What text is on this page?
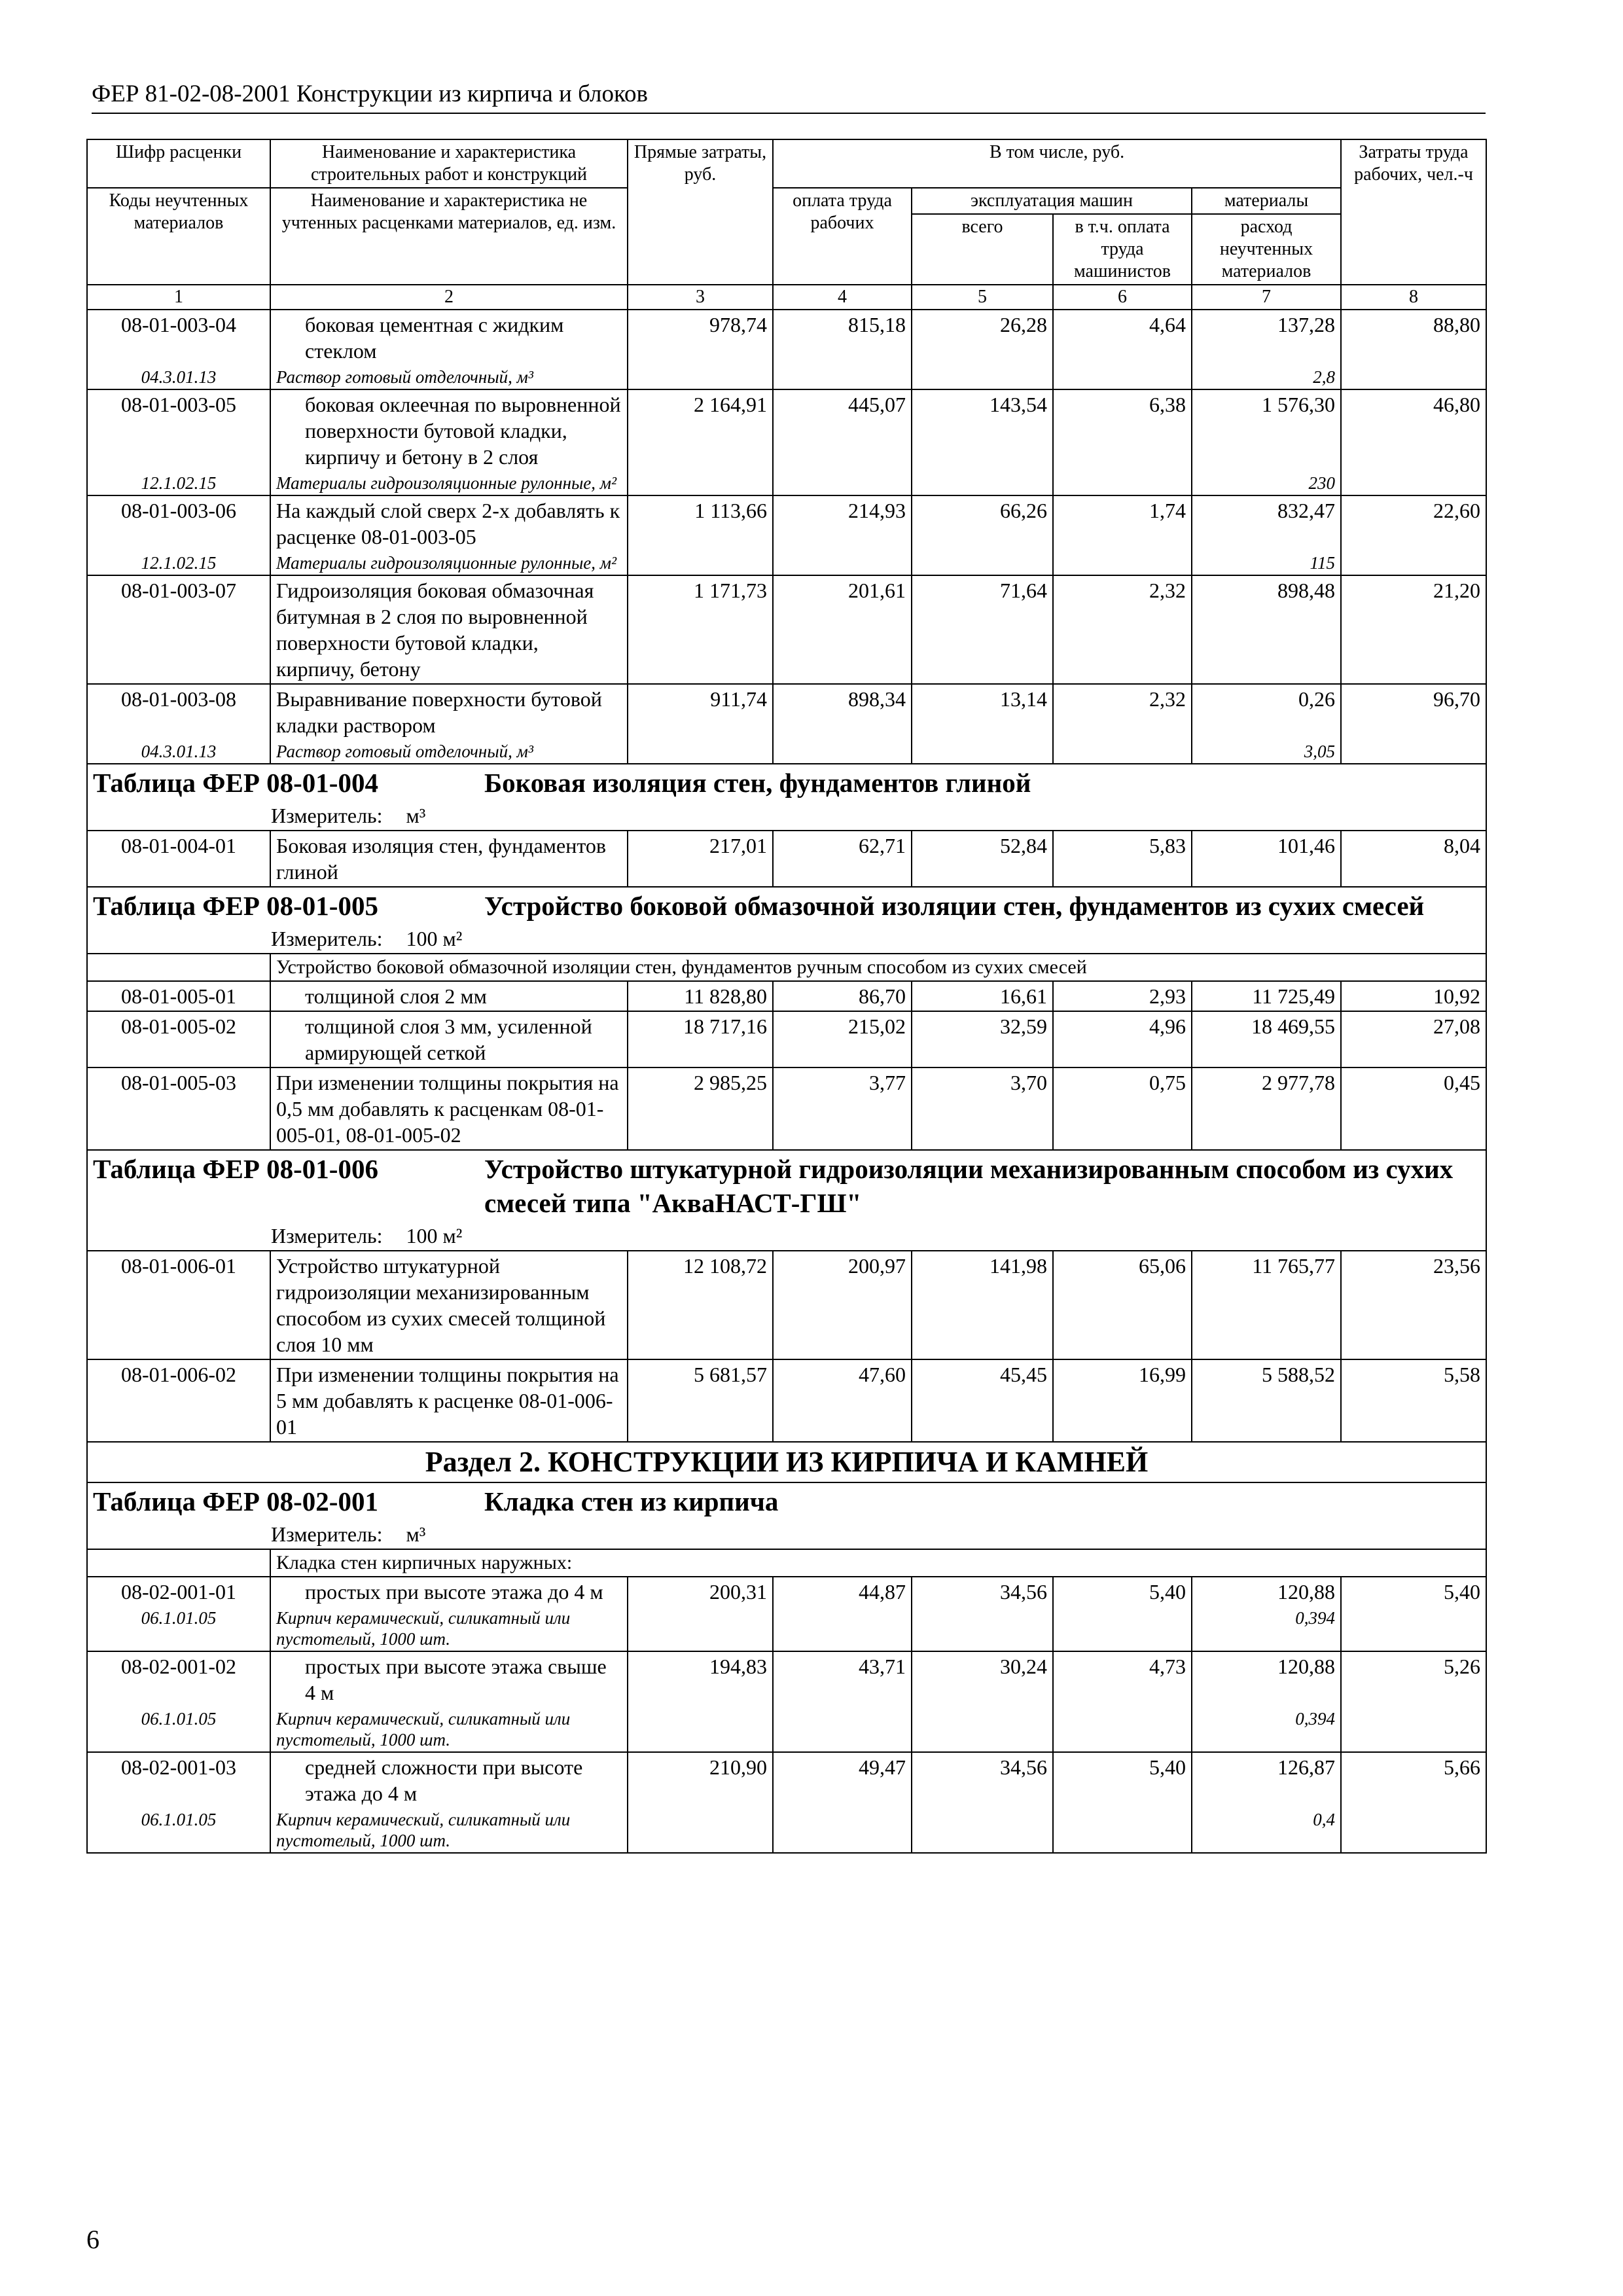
ФЕР 81-02-08-2001 Конструкции из кирпича и блоков
Шифр расценки	Наименование и характеристика строительных работ и конструкций	Прямые затраты, руб.	В том числе, руб.				Затраты труда рабочих, чел.-ч
Коды неучтенных материалов	Наименование и характеристика не учтенных расценками материалов, ед. изм.		оплата труда рабочих	эксплуатация машин		материалы	
				всего	в т.ч. оплата труда машинистов	расход неучтенных материалов	
1	2	3	4	5	6	7	8
08-01-003-04	боковая цементная с жидким стеклом	978,74	815,18	26,28	4,64	137,28	88,80
04.3.01.13	Раствор готовый отделочный, м³					2,8	
08-01-003-05	боковая оклеечная по выровненной поверхности бутовой кладки, кирпичу и бетону в 2 слоя	2 164,91	445,07	143,54	6,38	1 576,30	46,80
12.1.02.15	Материалы гидроизоляционные рулонные, м²					230	
08-01-003-06	На каждый слой сверх 2-х добавлять к расценке 08-01-003-05	1 113,66	214,93	66,26	1,74	832,47	22,60
12.1.02.15	Материалы гидроизоляционные рулонные, м²					115	
08-01-003-07	Гидроизоляция боковая обмазочная битумная в 2 слоя по выровненной поверхности бутовой кладки, кирпичу, бетону	1 171,73	201,61	71,64	2,32	898,48	21,20
08-01-003-08	Выравнивание поверхности бутовой кладки раствором	911,74	898,34	13,14	2,32	0,26	96,70
04.3.01.13	Раствор готовый отделочный, м³					3,05	
Таблица ФЕР 08-01-004 Боковая изоляция стен, фундаментов глиной							
Измеритель: м³							
08-01-004-01	Боковая изоляция стен, фундаментов глиной	217,01	62,71	52,84	5,83	101,46	8,04
Таблица ФЕР 08-01-005 Устройство боковой обмазочной изоляции стен, фундаментов из сухих смесей							
Измеритель: 100 м²							
	Устройство боковой обмазочной изоляции стен, фундаментов ручным способом из сухих смесей						
08-01-005-01	толщиной слоя 2 мм	11 828,80	86,70	16,61	2,93	11 725,49	10,92
08-01-005-02	толщиной слоя 3 мм, усиленной армирующей сеткой	18 717,16	215,02	32,59	4,96	18 469,55	27,08
08-01-005-03	При изменении толщины покрытия на 0,5 мм добавлять к расценкам 08-01-005-01, 08-01-005-02	2 985,25	3,77	3,70	0,75	2 977,78	0,45
Таблица ФЕР 08-01-006 Устройство штукатурной гидроизоляции механизированным способом из сухих смесей типа "АкваНАСТ-ГШ"							
Измеритель: 100 м²							
08-01-006-01	Устройство штукатурной гидроизоляции механизированным способом из сухих смесей толщиной слоя 10 мм	12 108,72	200,97	141,98	65,06	11 765,77	23,56
08-01-006-02	При изменении толщины покрытия на 5 мм добавлять к расценке 08-01-006-01	5 681,57	47,60	45,45	16,99	5 588,52	5,58
Раздел 2. КОНСТРУКЦИИ ИЗ КИРПИЧА И КАМНЕЙ							
Таблица ФЕР 08-02-001 Кладка стен из кирпича							
Измеритель: м³							
	Кладка стен кирпичных наружных:						
08-02-001-01	простых при высоте этажа до 4 м	200,31	44,87	34,56	5,40	120,88	5,40
06.1.01.05	Кирпич керамический, силикатный или пустотелый, 1000 шт.					0,394	
08-02-001-02	простых при высоте этажа свыше 4 м	194,83	43,71	30,24	4,73	120,88	5,26
06.1.01.05	Кирпич керамический, силикатный или пустотелый, 1000 шт.					0,394	
08-02-001-03	средней сложности при высоте этажа до 4 м	210,90	49,47	34,56	5,40	126,87	5,66
06.1.01.05	Кирпич керамический, силикатный или пустотелый, 1000 шт.					0,4	
6
